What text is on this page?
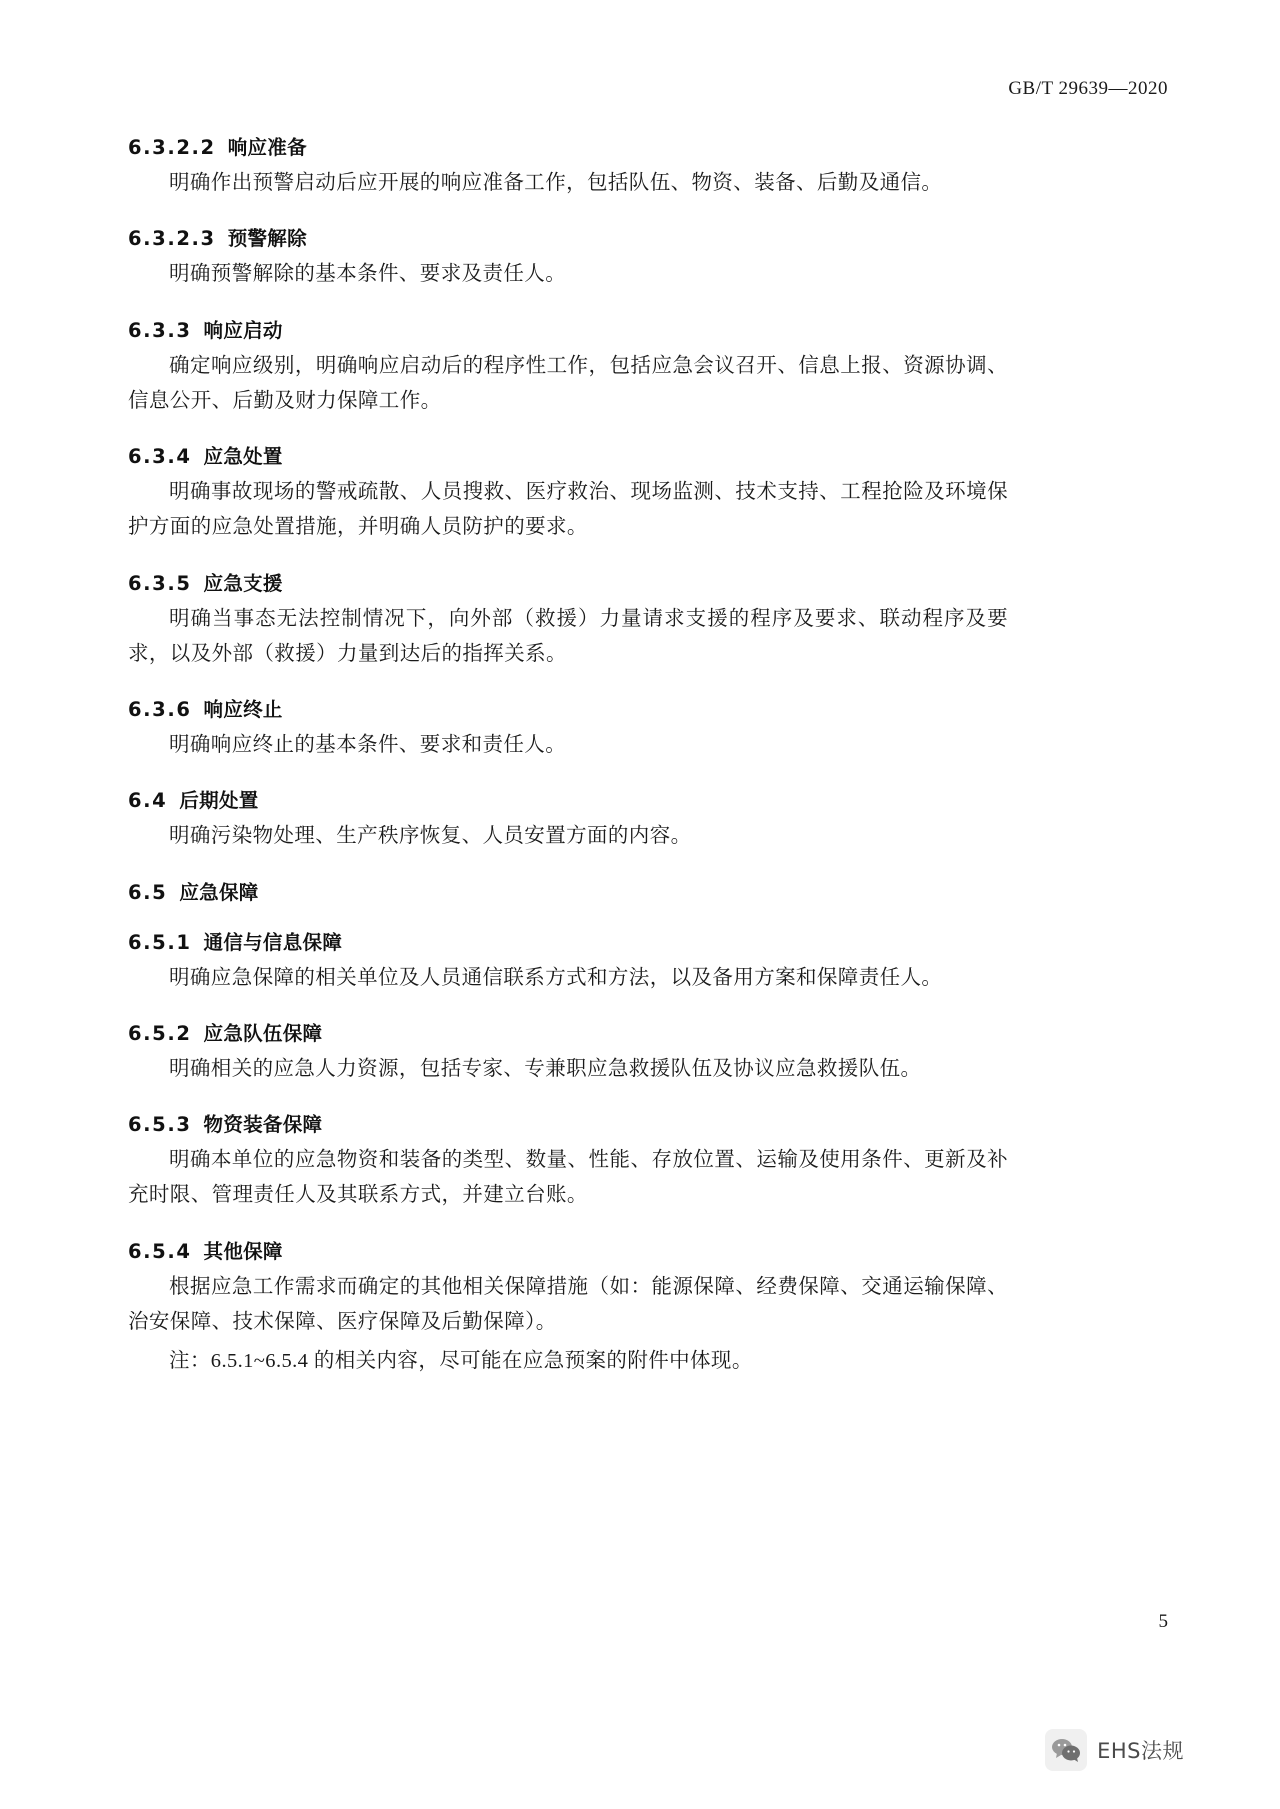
GB/T 29639—2020
6.3.2.2 响应准备

明确作出预警启动后应开展的响应准备工作，包括队伍、物资、装备、后勤及通信。

6.3.2.3 预警解除

明确预警解除的基本条件、要求及责任人。

6.3.3 响应启动

确定响应级别，明确响应启动后的程序性工作，包括应急会议召开、信息上报、资源协调、信息公开、后勤及财力保障工作。

6.3.4 应急处置

明确事故现场的警戒疏散、人员搜救、医疗救治、现场监测、技术支持、工程抢险及环境保护方面的应急处置措施，并明确人员防护的要求。

6.3.5 应急支援

明确当事态无法控制情况下，向外部（救援）力量请求支援的程序及要求、联动程序及要求，以及外部（救援）力量到达后的指挥关系。

6.3.6 响应终止

明确响应终止的基本条件、要求和责任人。

6.4 后期处置

明确污染物处理、生产秩序恢复、人员安置方面的内容。

6.5 应急保障
6.5.1 通信与信息保障

明确应急保障的相关单位及人员通信联系方式和方法，以及备用方案和保障责任人。

6.5.2 应急队伍保障

明确相关的应急人力资源，包括专家、专兼职应急救援队伍及协议应急救援队伍。

6.5.3 物资装备保障

明确本单位的应急物资和装备的类型、数量、性能、存放位置、运输及使用条件、更新及补充时限、管理责任人及其联系方式，并建立台账。

6.5.4 其他保障

根据应急工作需求而确定的其他相关保障措施（如：能源保障、经费保障、交通运输保障、治安保障、技术保障、医疗保障及后勤保障）。

注：6.5.1~6.5.4 的相关内容，尽可能在应急预案的附件中体现。

5
EHS法规
